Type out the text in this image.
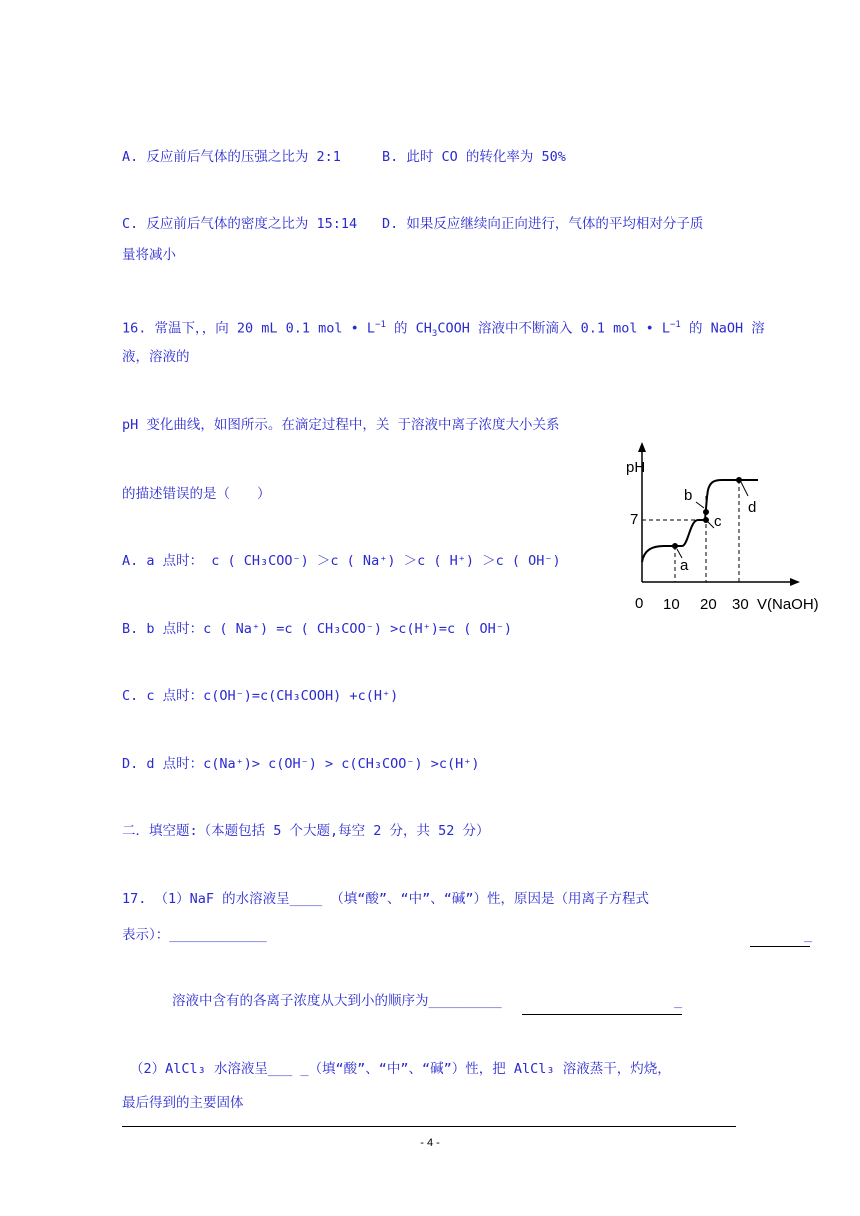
A. 反应前后气体的压强之比为 2:1	B. 此时 CO 的转化率为 50%
C. 反应前后气体的密度之比为 15:14 D. 如果反应继续向正向进行，气体的平均相对分子质
量将减小
16. 常温下，，向 20 mL 0.1 mol • $L^{-1}$ 的 $CH_3COOH$ 溶液中不断滴入 0.1 mol • $L^{-1}$ 的 NaOH 溶
液，溶液的
pH 变化曲线，如图所示。在滴定过程中，关 于溶液中离子浓度大小关系
的描述错误的是（　　）
A. a 点时： c ( CH₃COO⁻) ＞c ( Na⁺) ＞c ( H⁺) ＞c ( OH⁻)
B. b 点时：c ( Na⁺) =c ( CH₃COO⁻) >c(H⁺)=c ( OH⁻)
C. c 点时：c(OH⁻)=c(CH₃COOH) +c(H⁺)
D. d 点时：c(Na⁺)> c(OH⁻) > c(CH₃COO⁻) >c(H⁺)
二．填空题:（本题包括 5 个大题,每空 2 分，共 52 分）
17. （1）NaF 的水溶液呈____ （填“酸”、“中”、“碱”）性，原因是（用离子方程式
表示）：____________	_
溶液中含有的各离子浓度从大到小的顺序为_________	_
（2）AlCl₃ 水溶液呈___ _（填“酸”、“中”、“碱”）性，把 AlCl₃ 溶液蒸干，灼烧，
最后得到的主要固体
- 4 -
pH
7
0 10 20 30 V(NaOH)
a
b
c
d
